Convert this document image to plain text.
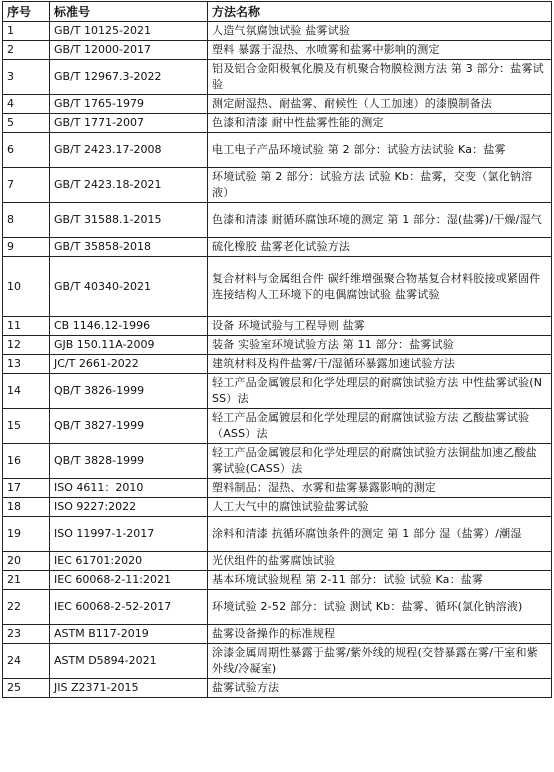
序号	标准号	方法名称
1	GB/T 10125-2021	人造气氛腐蚀试验 盐雾试验
2	GB/T 12000-2017	塑料 暴露于湿热、水喷雾和盐雾中影响的测定
3	GB/T 12967.3-2022	铝及铝合金阳极氧化膜及有机聚合物膜检测方法 第 3 部分：盐雾试验
4	GB/T 1765-1979	测定耐湿热、耐盐雾、耐候性（人工加速）的漆膜制备法
5	GB/T 1771-2007	色漆和清漆 耐中性盐雾性能的测定
6	GB/T 2423.17-2008	电工电子产品环境试验 第 2 部分：试验方法试验 Ka：盐雾
7	GB/T 2423.18-2021	环境试验 第 2 部分：试验方法 试验 Kb：盐雾，交变（氯化钠溶液）
8	GB/T 31588.1-2015	色漆和清漆 耐循环腐蚀环境的测定 第 1 部分：湿(盐雾)/干燥/湿气
9	GB/T 35858-2018	硫化橡胶 盐雾老化试验方法
10	GB/T 40340-2021	复合材料与金属组合件 碳纤维增强聚合物基复合材料胶接或紧固件连接结构人工环境下的电偶腐蚀试验 盐雾试验
11	CB 1146.12-1996	设备 环境试验与工程导则 盐雾
12	GJB 150.11A-2009	装备 实验室环境试验方法 第 11 部分：盐雾试验
13	JC/T 2661-2022	建筑材料及构件盐雾/干/湿循环暴露加速试验方法
14	QB/T 3826-1999	轻工产品金属镀层和化学处理层的耐腐蚀试验方法 中性盐雾试验(NSS）法
15	QB/T 3827-1999	轻工产品金属镀层和化学处理层的耐腐蚀试验方法 乙酸盐雾试验（ASS）法
16	QB/T 3828-1999	轻工产品金属镀层和化学处理层的耐腐蚀试验方法铜盐加速乙酸盐雾试验(CASS）法
17	ISO 4611：2010	塑料制品：湿热、水雾和盐雾暴露影响的测定
18	ISO 9227:2022	人工大气中的腐蚀试验盐雾试验
19	ISO 11997-1-2017	涂料和清漆 抗循环腐蚀条件的测定 第 1 部分 湿（盐雾）/潮湿
20	IEC 61701:2020	光伏组件的盐雾腐蚀试验
21	IEC 60068-2-11:2021	基本环境试验规程 第 2-11 部分：试验 试验 Ka：盐雾
22	IEC 60068-2-52-2017	环境试验 2-52 部分：试验 测试 Kb：盐雾、循环(氯化钠溶液)
23	ASTM B117-2019	盐雾设备操作的标准规程
24	ASTM D5894-2021	涂漆金属周期性暴露于盐雾/紫外线的规程(交替暴露在雾/干室和紫外线/冷凝室)
25	JIS Z2371-2015	盐雾试验方法
